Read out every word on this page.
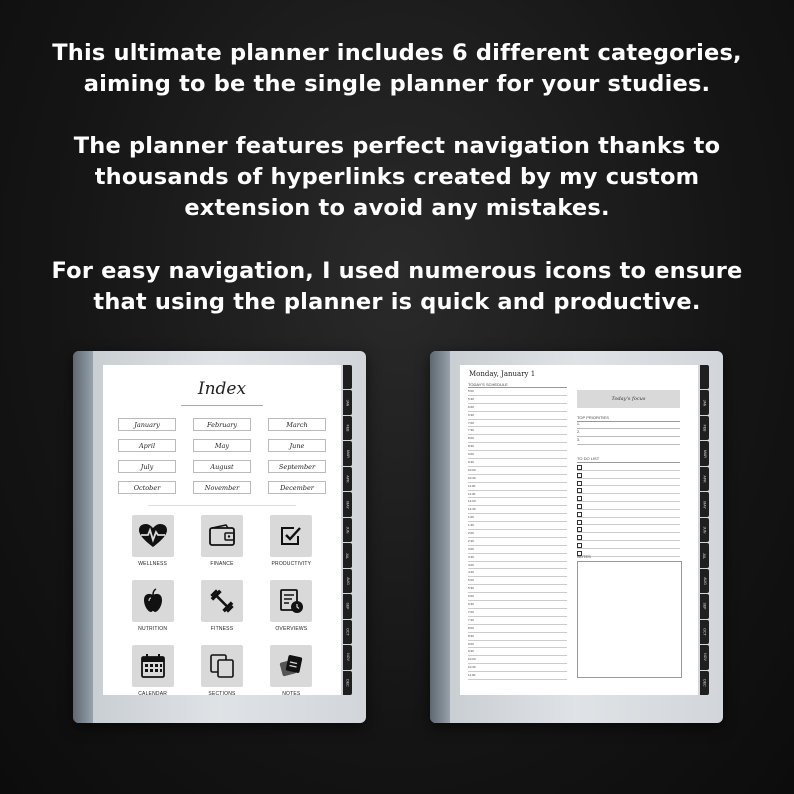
This ultimate planner includes 6 different categories,
aiming to be the single planner for your studies.

The planner features perfect navigation thanks to
thousands of hyperlinks created by my custom
extension to avoid any mistakes.

For easy navigation, I used numerous icons to ensure
that using the planner is quick and productive.

Index
January	February	March
April	May	June
July	August	September
October	November	December
WELLNESS	FINANCE	PRODUCTIVITY
NUTRITION	FITNESS	OVERVIEWS
CALENDAR	SECTIONS	NOTES
JAN
FEB
MAR
APR
MAY
JUN
JUL
AUG
SEP
OCT
NOV
DEC
Monday, January 1
TODAY'S SCHEDULE
5:00
5:30
6:00
6:30
7:00
7:30
8:00
8:30
9:00
9:30
10:00
10:30
11:00
11:30
12:00
12:30
1:00
1:30
2:00
2:30
3:00
3:30
4:00
4:30
5:00
5:30
6:00
6:30
7:00
7:30
8:00
8:30
9:00
9:30
10:00
10:30
11:00
Today's focus
TOP PRIORITIES
1.
2.
3.
TO DO LIST
NOTES
JAN
FEB
MAR
APR
MAY
JUN
JUL
AUG
SEP
OCT
NOV
DEC
